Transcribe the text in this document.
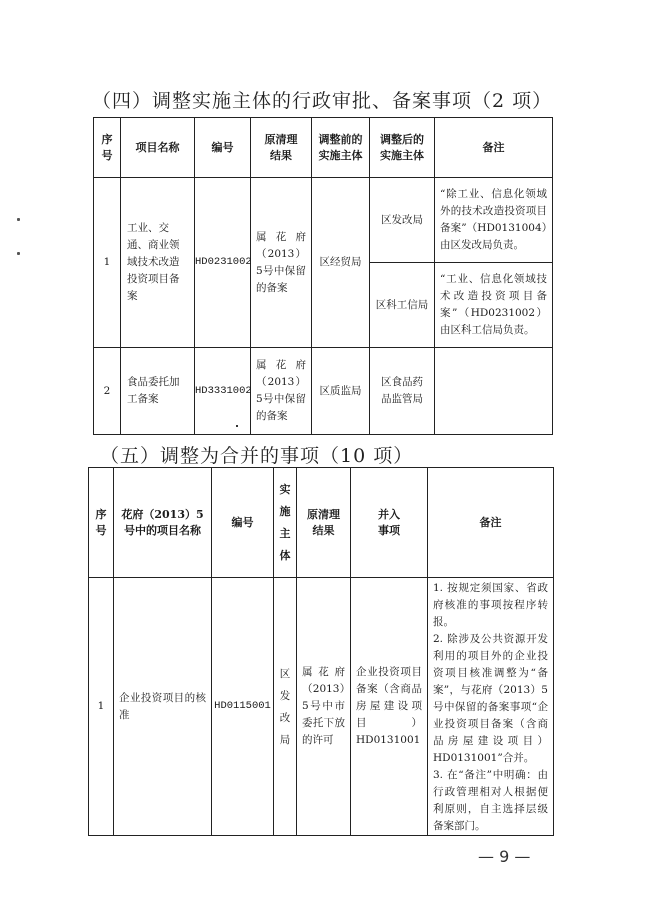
（四）调整实施主体的行政审批、备案事项（2 项）
序号	项目名称	编号	原清理结果	调整前的实施主体	调整后的实施主体	备注
1	工业、交通、商业领域技术改造投资项目备案	HD0231002	属花府（2013）5号中保留的备案	区经贸局	区发改局	“除工业、信息化领域外的技术改造投资项目备案”（HD0131004）由区发改局负责。
					区科工信局	“工业、信息化领域技术改造投资项目备案”（HD0231002）由区科工信局负责。
2	食品委托加工备案	HD3331002	属花府（2013）5号中保留的备案	区质监局	区食品药品监管局	
（五）调整为合并的事项（10 项）
序号	花府（2013）5号中的项目名称	编号	实施主体	原清理结果	并入事项	备注
1	企业投资项目的核准	HD0115001	区发改局	属花府（2013）5号中市委托下放的许可	企业投资项目备案（含商品房屋建设项目）HD0131001	1. 按规定须国家、省政府核准的事项按程序转报。
2. 除涉及公共资源开发利用的项目外的企业投资项目核准调整为“备案”，与花府（2013）5号中保留的备案事项“企业投资项目备案（含商品房屋建设项目）HD0131001”合并。
3. 在“备注”中明确：由行政管理相对人根据便利原则，自主选择层级备案部门。
— 9 —
